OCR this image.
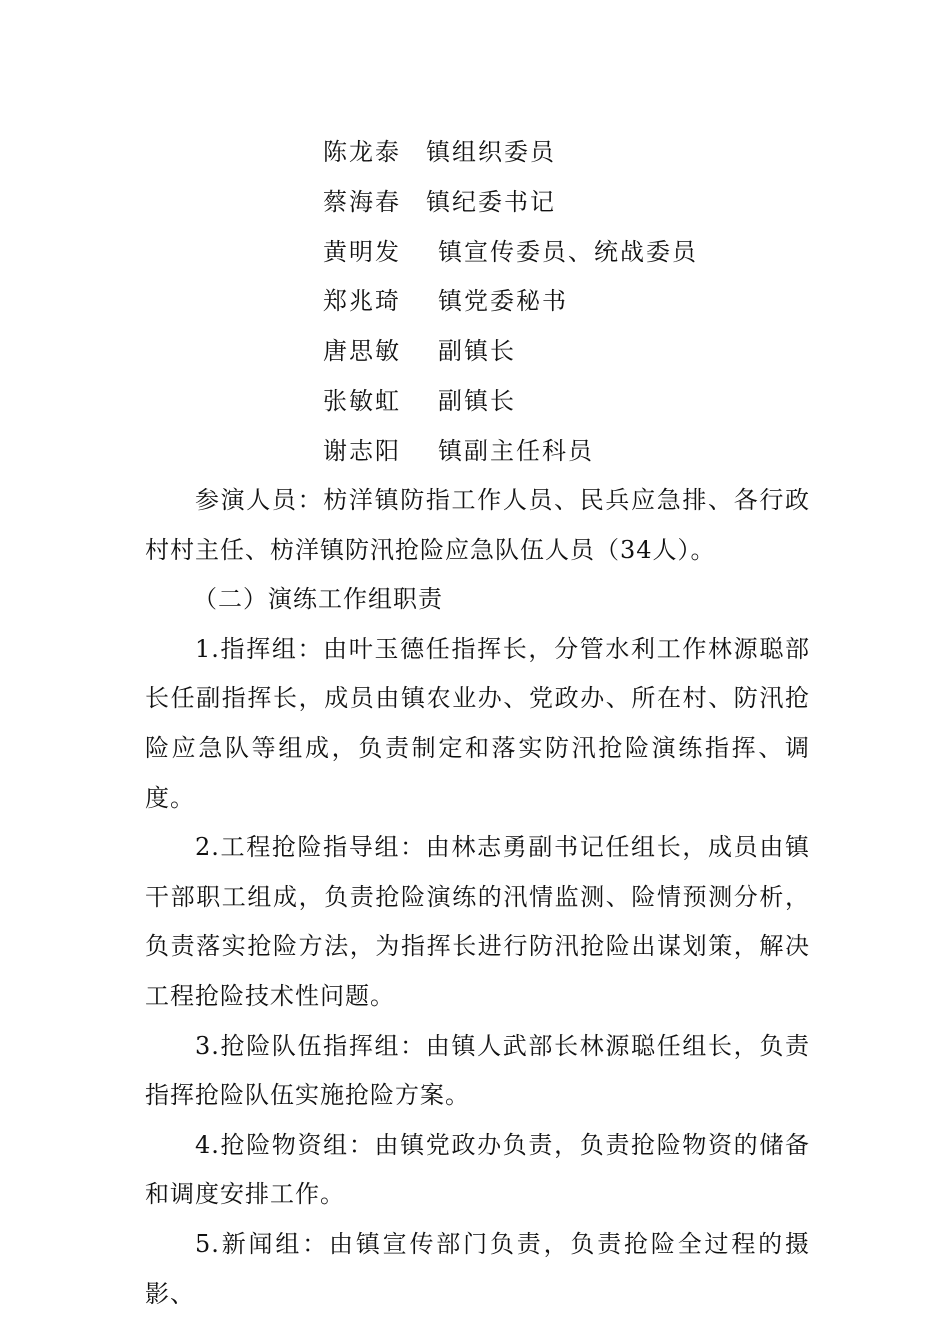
陈龙泰 镇组织委员
蔡海春 镇纪委书记
黄明发 镇宣传委员、统战委员
郑兆琦 镇党委秘书
唐思敏 副镇长
张敏虹 副镇长
谢志阳 镇副主任科员

参演人员：枋洋镇防指工作人员、民兵应急排、各行政村村主任、枋洋镇防汛抢险应急队伍人员（34人）。

（二）演练工作组职责

1.指挥组：由叶玉德任指挥长，分管水利工作林源聪部长任副指挥长，成员由镇农业办、党政办、所在村、防汛抢险应急队等组成，负责制定和落实防汛抢险演练指挥、调度。

2.工程抢险指导组：由林志勇副书记任组长，成员由镇干部职工组成，负责抢险演练的汛情监测、险情预测分析，负责落实抢险方法，为指挥长进行防汛抢险出谋划策，解决工程抢险技术性问题。

3.抢险队伍指挥组：由镇人武部长林源聪任组长，负责指挥抢险队伍实施抢险方案。

4.抢险物资组：由镇党政办负责，负责抢险物资的储备和调度安排工作。

5.新闻组：由镇宣传部门负责，负责抢险全过程的摄影、
